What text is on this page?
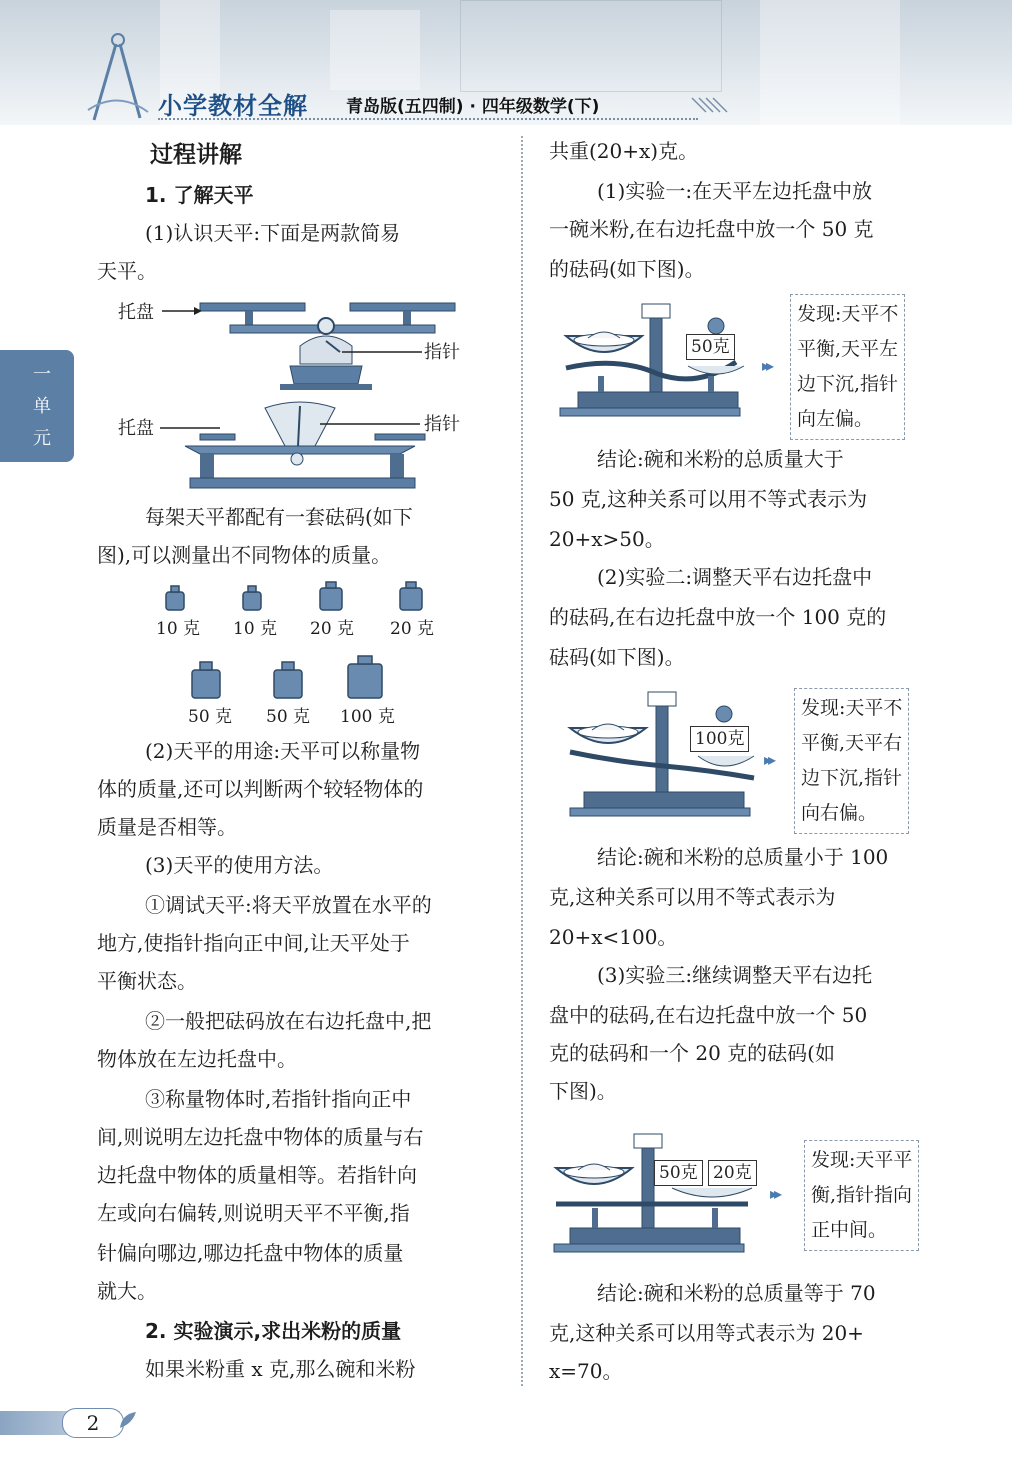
小学教材全解 青岛版(五四制) · 四年级数学(下)
一
单
元
过程讲解
1. 了解天平
(1)认识天平:下面是两款简易
天平。
托盘
指针
托盘	指针
每架天平都配有一套砝码(如下
图),可以测量出不同物体的质量。
10 克 10 克 20 克 20 克
50 克 50 克 100 克
(2)天平的用途:天平可以称量物
体的质量,还可以判断两个较轻物体的
质量是否相等。
(3)天平的使用方法。
①调试天平:将天平放置在水平的
地方,使指针指向正中间,让天平处于
平衡状态。
②一般把砝码放在右边托盘中,把
物体放在左边托盘中。
③称量物体时,若指针指向正中
间,则说明左边托盘中物体的质量与右
边托盘中物体的质量相等。若指针向
左或向右偏转,则说明天平不平衡,指
针偏向哪边,哪边托盘中物体的质量
就大。
2. 实验演示,求出米粉的质量
如果米粉重 x 克,那么碗和米粉
共重(20+x)克。
(1)实验一:在天平左边托盘中放
一碗米粉,在右边托盘中放一个 50 克
的砝码(如下图)。
50克
▸▸
发现:天平不
平衡,天平左
边下沉,指针
向左偏。
结论:碗和米粉的总质量大于
50 克,这种关系可以用不等式表示为
20+x>50。
(2)实验二:调整天平右边托盘中
的砝码,在右边托盘中放一个 100 克的
砝码(如下图)。
100克
▸▸
发现:天平不
平衡,天平右
边下沉,指针
向右偏。
结论:碗和米粉的总质量小于 100
克,这种关系可以用不等式表示为
20+x<100。
(3)实验三:继续调整天平右边托
盘中的砝码,在右边托盘中放一个 50
克的砝码和一个 20 克的砝码(如
下图)。
50克 20克
▸▸
发现:天平平
衡,指针指向
正中间。
结论:碗和米粉的总质量等于 70
克,这种关系可以用等式表示为 20+
x=70。
2
